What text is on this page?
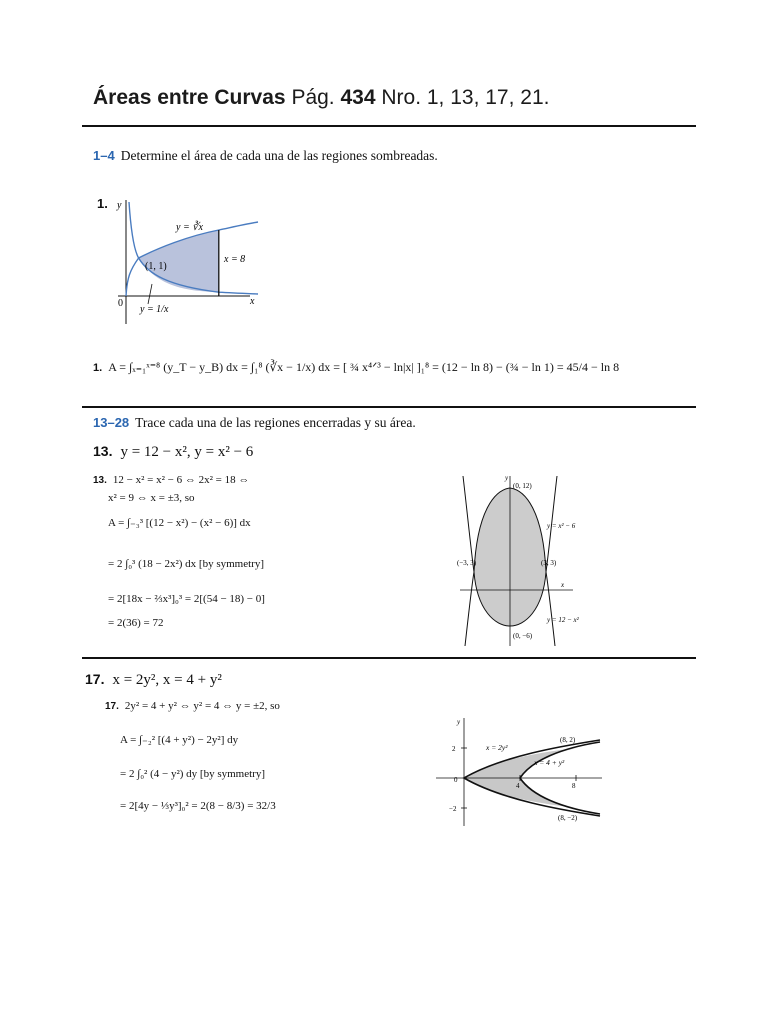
Áreas entre Curvas Pág. 434 Nro. 1, 13, 17, 21.
1–4 Determine el área de cada una de las regiones sombreadas.
1. y
x
0
y = ∛x
x = 8
(1, 1)
y = 1/x
1. A = ∫ₓ₌₁ˣ⁼⁸ (y_T − y_B) dx = ∫₁⁸ (∛x − 1/x) dx = [ ¾ x⁴ᐟ³ − ln|x| ]₁⁸ = (12 − ln 8) − (¾ − ln 1) = 45/4 − ln 8
13–28 Trace cada una de las regiones encerradas y su área.
13. y = 12 − x², y = x² − 6
13. 12 − x² = x² − 6 ⇔ 2x² = 18 ⇔
x² = 9 ⇔ x = ±3, so
A = ∫₋₃³ [(12 − x²) − (x² − 6)] dx
= 2 ∫₀³ (18 − 2x²) dx [by symmetry]
= 2[18x − ⅔x³]₀³ = 2[(54 − 18) − 0]
= 2(36) = 72
y
x
(0, 12)
(0, −6)
(−3, 3)	(3, 3)
y = x² − 6
y = 12 − x²
17. x = 2y², x = 4 + y²
17. 2y² = 4 + y² ⇔ y² = 4 ⇔ y = ±2, so
A = ∫₋₂² [(4 + y²) − 2y²] dy
= 2 ∫₀² (4 − y²) dy [by symmetry]
= 2[4y − ⅓y³]₀² = 2(8 − 8/3) = 32/3
y
0
2
−2
4	8
x = 2y²
x = 4 + y²
(8, 2)
(8, −2)
